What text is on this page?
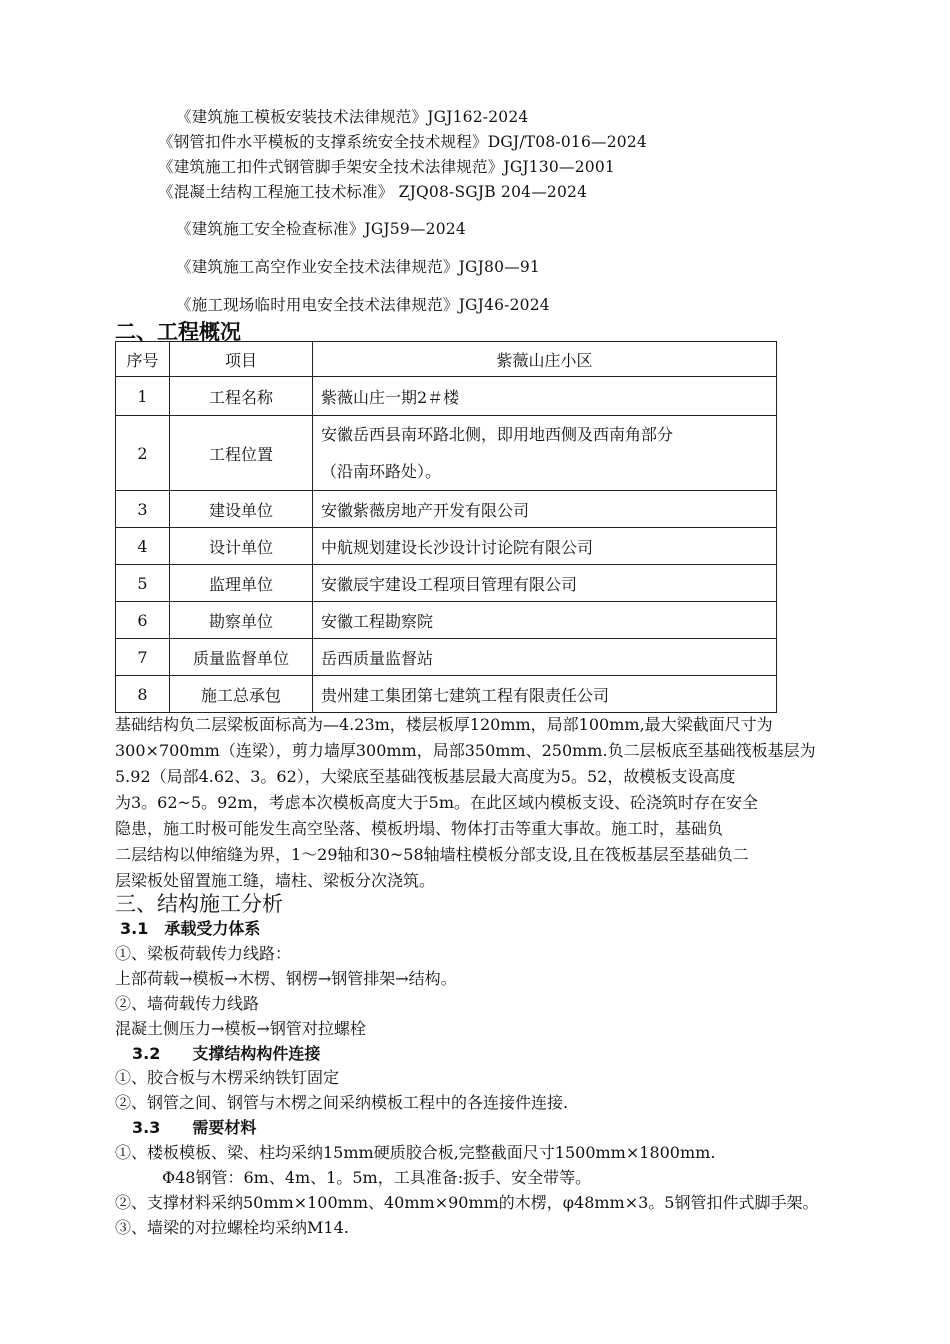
《建筑施工模板安装技术法律规范》JGJ162-2024
《钢管扣件水平模板的支撑系统安全技术规程》DGJ/T08-016—2024
《建筑施工扣件式钢管脚手架安全技术法律规范》JGJ130—2001
《混凝土结构工程施工技术标准》 ZJQ08-SGJB 204—2024
《建筑施工安全检查标准》JGJ59—2024
《建筑施工高空作业安全技术法律规范》JGJ80—91
《施工现场临时用电安全技术法律规范》JGJ46-2024
二、工程概况
序号	项目	紫薇山庄小区
1	工程名称	紫薇山庄一期2＃楼
2	工程位置	安徽岳西县南环路北侧，即用地西侧及西南角部分
（沿南环路处）。

3	建设单位	安徽紫薇房地产开发有限公司
4	设计单位	中航规划建设长沙设计讨论院有限公司
5	监理单位	安徽辰宇建设工程项目管理有限公司
6	勘察单位	安徽工程勘察院
7	质量监督单位	岳西质量监督站
8	施工总承包	贵州建工集团第七建筑工程有限责任公司
基础结构负二层梁板面标高为—4.23m，楼层板厚120mm，局部100mm,最大梁截面尺寸为
300×700mm（连梁），剪力墙厚300mm，局部350mm、250mm.负二层板底至基础筏板基层为
5.92（局部4.62、3。62），大梁底至基础筏板基层最大高度为5。52，故模板支设高度
为3。62~5。92m，考虑本次模板高度大于5m。在此区域内模板支设、砼浇筑时存在安全
隐患，施工时极可能发生高空坠落、模板坍塌、物体打击等重大事故。施工时，基础负
二层结构以伸缩缝为界，1～29轴和30~58轴墙柱模板分部支设,且在筏板基层至基础负二
层梁板处留置施工缝，墙柱、梁板分次浇筑。
三、结构施工分析
3.1　承载受力体系
①、梁板荷载传力线路：
上部荷载→模板→木楞、钢楞→钢管排架→结构。
②、墙荷载传力线路
混凝土侧压力→模板→钢管对拉螺栓
3.2　　支撑结构构件连接
①、胶合板与木楞采纳铁钉固定
②、钢管之间、钢管与木楞之间采纳模板工程中的各连接件连接.
3.3　　需要材料
①、楼板模板、梁、柱均采纳15mm硬质胶合板,完整截面尺寸1500mm×1800mm.
Φ48钢管：6m、4m、1。5m，工具准备:扳手、安全带等。
②、支撑材料采纳50mm×100mm、40mm×90mm的木楞，φ48mm×3。5钢管扣件式脚手架。
③、墙梁的对拉螺栓均采纳M14.
